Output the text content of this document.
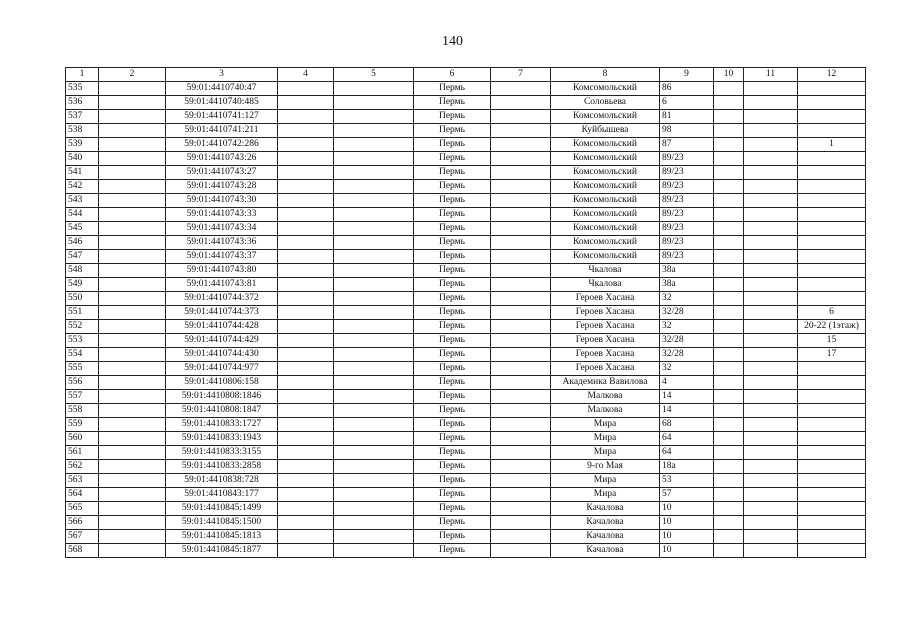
140
1	2	3	4	5	6	7	8	9	10	11	12
535		59:01:4410740:47			Пермь		Комсомольский	86			
536		59:01:4410740:485			Пермь		Соловьева	6			
537		59:01:4410741:127			Пермь		Комсомольский	81			
538		59:01:4410741:211			Пермь		Куйбышева	98			
539		59:01:4410742:286			Пермь		Комсомольский	87			1
540		59:01:4410743:26			Пермь		Комсомольский	89/23			
541		59:01:4410743:27			Пермь		Комсомольский	89/23			
542		59:01:4410743:28			Пермь		Комсомольский	89/23			
543		59:01:4410743:30			Пермь		Комсомольский	89/23			
544		59:01:4410743:33			Пермь		Комсомольский	89/23			
545		59:01:4410743:34			Пермь		Комсомольский	89/23			
546		59:01:4410743:36			Пермь		Комсомольский	89/23			
547		59:01:4410743:37			Пермь		Комсомольский	89/23			
548		59:01:4410743:80			Пермь		Чкалова	38а			
549		59:01:4410743:81			Пермь		Чкалова	38а			
550		59:01:4410744:372			Пермь		Героев Хасана	32			
551		59:01:4410744:373			Пермь		Героев Хасана	32/28			6
552		59:01:4410744:428			Пермь		Героев Хасана	32			20-22 (1этаж)
553		59:01:4410744:429			Пермь		Героев Хасана	32/28			15
554		59:01:4410744:430			Пермь		Героев Хасана	32/28			17
555		59:01:4410744:977			Пермь		Героев Хасана	32			
556		59:01:4410806:158			Пермь		Академика Вавилова	4			
557		59:01:4410808:1846			Пермь		Малкова	14			
558		59:01:4410808:1847			Пермь		Малкова	14			
559		59:01:4410833:1727			Пермь		Мира	68			
560		59:01:4410833:1943			Пермь		Мира	64			
561		59:01:4410833:3155			Пермь		Мира	64			
562		59:01:4410833:2858			Пермь		9-го Мая	18а			
563		59:01:4410838:728			Пермь		Мира	53			
564		59:01:4410843:177			Пермь		Мира	57			
565		59:01:4410845:1499			Пермь		Качалова	10			
566		59:01:4410845:1500			Пермь		Качалова	10			
567		59:01:4410845:1813			Пермь		Качалова	10			
568		59:01:4410845:1877			Пермь		Качалова	10			
